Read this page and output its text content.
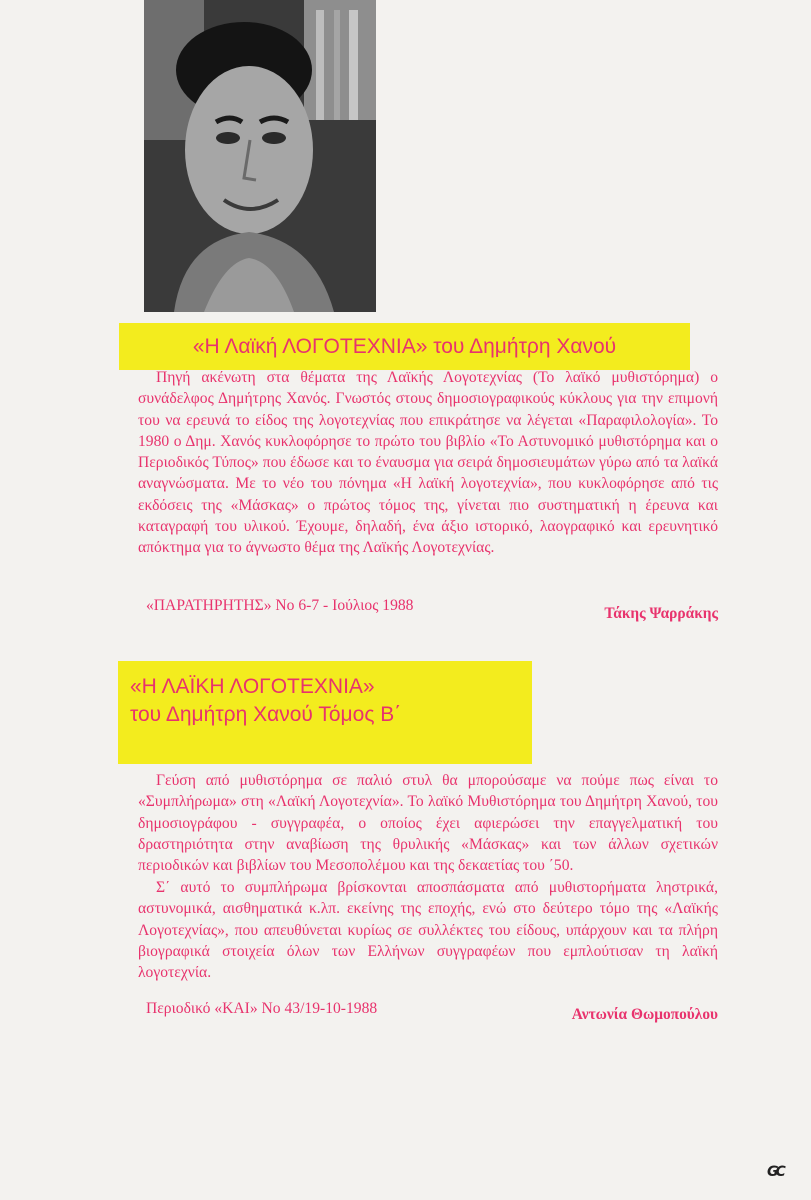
«Η Λαϊκή ΛΟΓΟΤΕΧΝΙΑ» του Δημήτρη Χανού

Πηγή ακένωτη στα θέματα της Λαϊκής Λογοτεχνίας (Το λαϊκό μυθιστόρημα) ο συνάδελφος Δημήτρης Χανός. Γνωστός στους δημοσιογραφικούς κύκλους για την επιμονή του να ερευνά το είδος της λογοτεχνίας που επικράτησε να λέγεται «Παραφιλολογία». Το 1980 ο Δημ. Χανός κυκλοφόρησε το πρώτο του βιβλίο «Το Αστυνομικό μυθιστόρημα και ο Περιοδικός Τύπος» που έδωσε και το έναυσμα για σειρά δημοσιευμάτων γύρω από τα λαϊκά αναγνώσματα. Με το νέο του πόνημα «Η λαϊκή λογοτεχνία», που κυκλοφόρησε από τις εκδόσεις της «Μάσκας» ο πρώτος τόμος της, γίνεται πιο συστηματική η έρευνα και καταγραφή του υλικού. Έχουμε, δηλαδή, ένα άξιο ιστορικό, λαογραφικό και ερευνητικό απόκτημα για το άγνωστο θέμα της Λαϊκής Λογοτεχνίας.

«ΠΑΡΑΤΗΡΗΤΗΣ» Νο 6-7 - Ιούλιος 1988	Τάκης Ψαρράκης

«Η ΛΑΪΚΗ ΛΟΓΟΤΕΧΝΙΑ»
του Δημήτρη Χανού Τόμος Β΄

Γεύση από μυθιστόρημα σε παλιό στυλ θα μπορούσαμε να πούμε πως είναι το «Συμπλήρωμα» στη «Λαϊκή Λογοτεχνία». Το λαϊκό Μυθιστόρημα του Δημήτρη Χανού, του δημοσιογράφου - συγγραφέα, ο οποίος έχει αφιερώσει την επαγγελματική του δραστηριότητα στην αναβίωση της θρυλικής «Μάσκας» και των άλλων σχετικών περιοδικών και βιβλίων του Μεσοπολέμου και της δεκαετίας του ΄50.

Σ΄ αυτό το συμπλήρωμα βρίσκονται αποσπάσματα από μυθιστορήματα ληστρικά, αστυνομικά, αισθηματικά κ.λπ. εκείνης της εποχής, ενώ στο δεύτερο τόμο της «Λαϊκής Λογοτεχνίας», που απευθύνεται κυρίως σε συλλέκτες του είδους, υπάρχουν και τα πλήρη βιογραφικά στοιχεία όλων των Ελλήνων συγγραφέων που εμπλούτισαν τη λαϊκή λογοτεχνία.

Περιοδικό «ΚΑΙ» Νο 43/19-10-1988	Αντωνία Θωμοπούλου

GC
